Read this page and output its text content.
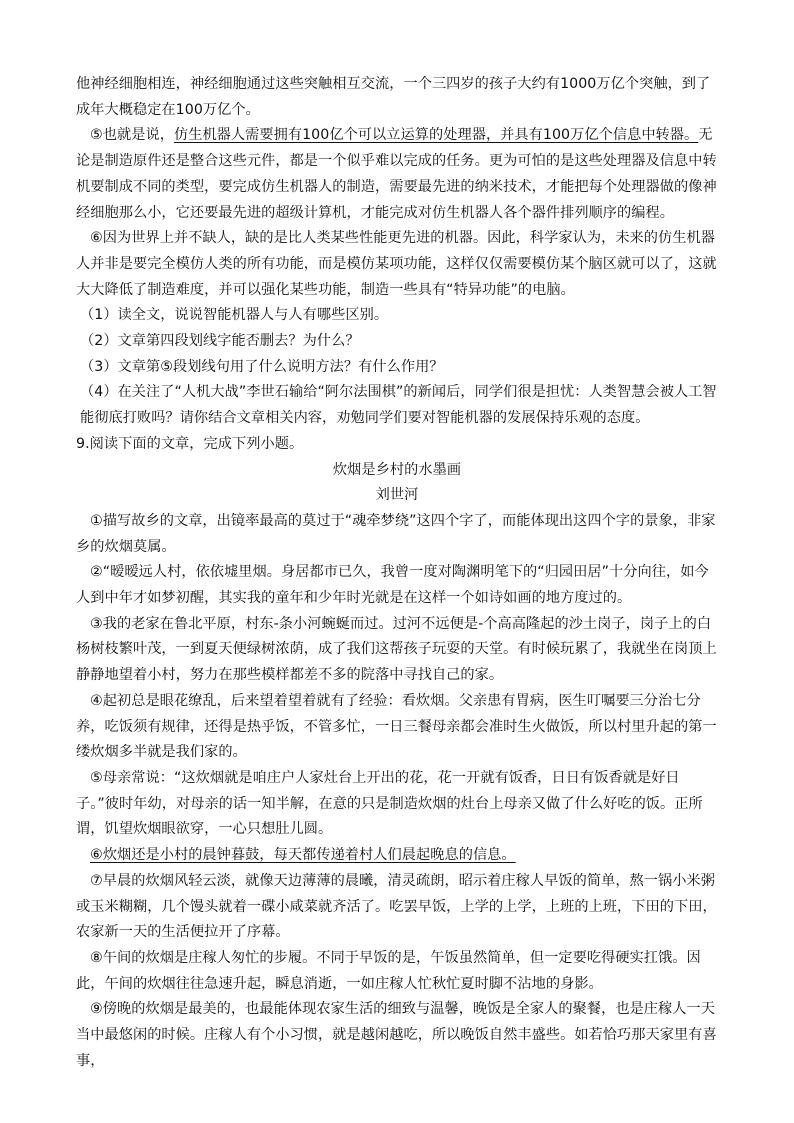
他神经细胞相连，神经细胞通过这些突触相互交流，一个三四岁的孩子大约有1000万亿个突触，到了成年大概稳定在100万亿个。

⑤也就是说，仿生机器人需要拥有100亿个可以立运算的处理器，并具有100万亿个信息中转器。无论是制造原件还是整合这些元件，都是一个似乎难以完成的任务。更为可怕的是这些处理器及信息中转机要制成不同的类型，要完成仿生机器人的制造，需要最先进的纳米技术，才能把每个处理器做的像神经细胞那么小，它还要最先进的超级计算机，才能完成对仿生机器人各个器件排列顺序的编程。

⑥因为世界上并不缺人，缺的是比人类某些性能更先进的机器。因此，科学家认为，未来的仿生机器人并非是要完全模仿人类的所有功能，而是模仿某项功能，这样仅仅需要模仿某个脑区就可以了，这就大大降低了制造难度，并可以强化某些功能，制造一些具有“特异功能”的电脑。

（1）读全文，说说智能机器人与人有哪些区别。

（2）文章第四段划线字能否删去？为什么？

（3）文章第⑤段划线句用了什么说明方法？有什么作用？

（4）在关注了“人机大战”李世石输给“阿尔法围棋”的新闻后，同学们很是担忧：人类智慧会被人工智能彻底打败吗？请你结合文章相关内容，劝勉同学们要对智能机器的发展保持乐观的态度。

9.阅读下面的文章，完成下列小题。

炊烟是乡村的水墨画

刘世河

①描写故乡的文章，出镜率最高的莫过于“魂牵梦绕”这四个字了，而能体现出这四个字的景象，非家乡的炊烟莫属。

②“暧暧远人村，依依墟里烟。身居都市已久，我曾一度对陶渊明笔下的“归园田居”十分向往，如今人到中年才如梦初醒，其实我的童年和少年时光就是在这样一个如诗如画的地方度过的。

③我的老家在鲁北平原，村东-条小河蜿蜒而过。过河不远便是-个高高隆起的沙土岗子，岗子上的白杨树枝繁叶茂，一到夏天便绿树浓荫，成了我们这帮孩子玩耍的天堂。有时候玩累了，我就坐在岗顶上静静地望着小村，努力在那些模样都差不多的院落中寻找自己的家。

④起初总是眼花缭乱，后来望着望着就有了经验：看炊烟。父亲患有胃病，医生叮嘱要三分治七分养，吃饭须有规律，还得是热乎饭，不管多忙，一日三餐母亲都会准时生火做饭，所以村里升起的第一缕炊烟多半就是我们家的。

⑤母亲常说：“这炊烟就是咱庄户人家灶台上开出的花，花一开就有饭香，日日有饭香就是好日子。”彼时年幼，对母亲的话一知半解，在意的只是制造炊烟的灶台上母亲又做了什么好吃的饭。正所谓，饥望炊烟眼欲穿，一心只想肚儿圆。

⑥炊烟还是小村的晨钟暮鼓，每天都传递着村人们晨起晚息的信息。

⑦早晨的炊烟风轻云淡，就像天边薄薄的晨曦，清灵疏朗，昭示着庄稼人早饭的简单，熬一锅小米粥或玉米糊糊，几个馒头就着一碟小咸菜就齐活了。吃罢早饭，上学的上学，上班的上班，下田的下田，农家新一天的生活便拉开了序幕。

⑧午间的炊烟是庄稼人匆忙的步履。不同于早饭的是，午饭虽然简单，但一定要吃得硬实扛饿。因此，午间的炊烟往往急速升起，瞬息消逝，一如庄稼人忙秋忙夏时脚不沾地的身影。

⑨傍晚的炊烟是最美的，也最能体现农家生活的细致与温馨，晚饭是全家人的聚餐，也是庄稼人一天当中最悠闲的时候。庄稼人有个小习惯，就是越闲越吃，所以晚饭自然丰盛些。如若恰巧那天家里有喜事，
